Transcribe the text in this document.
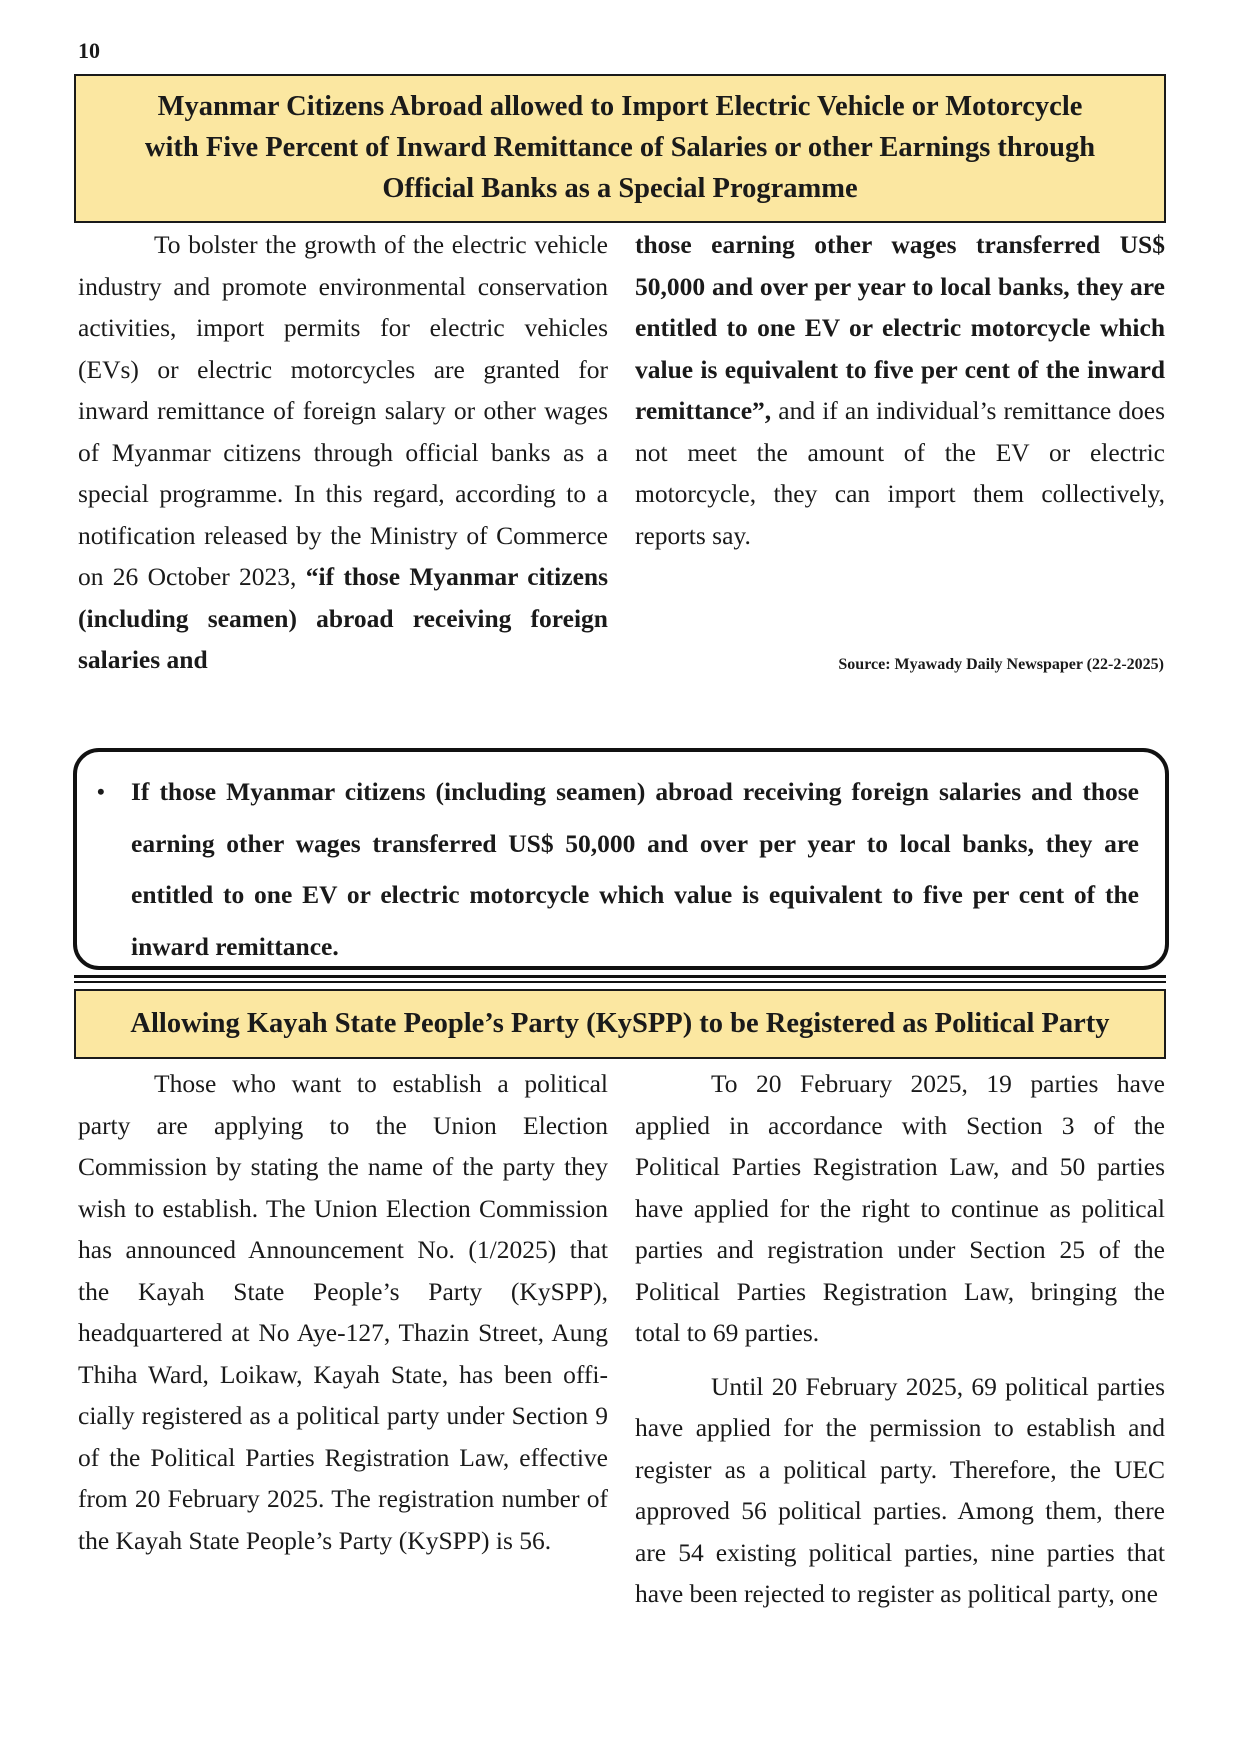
10
Myanmar Citizens Abroad allowed to Import Electric Vehicle or Motorcycle
with Five Percent of Inward Remittance of Salaries or other Earnings through
Official Banks as a Special Programme

To bolster the growth of the electric vehicle industry and promote environmental conservation activities, import permits for electric vehicles (EVs) or electric motorcycles are granted for inward remittance of foreign salary or other wages of Myanmar citizens through official banks as a special programme. In this regard, according to a notification released by the Ministry of Commerce on 26 October 2023, “if those Myanmar citizens (including seamen) abroad receiving foreign salaries and

those earning other wages transferred US$ 50,000 and over per year to local banks, they are entitled to one EV or electric motorcycle which value is equivalent to five per cent of the inward remittance”, and if an individual’s remittance does not meet the amount of the EV or electric motorcycle, they can import them collectively, reports say.

Source: Myawady Daily Newspaper (22-2-2025)
• If those Myanmar citizens (including seamen) abroad receiving foreign salaries and those earning other wages transferred US$ 50,000 and over per year to local banks, they are entitled to one EV or electric motorcycle which value is equivalent to five per cent of the inward remittance.
Allowing Kayah State People’s Party (KySPP) to be Registered as Political Party

Those who want to establish a political party are applying to the Union Election Commission by stating the name of the party they wish to establish. The Union Election Commission has announced Announcement No. (1/2025) that the Kayah State People’s Party (KySPP), headquartered at No Aye-127, Thazin Street, Aung Thiha Ward, Loikaw, Kayah State, has been officially registered as a political party under Section 9 of the Political Parties Registration Law, effective from 20 February 2025. The registration number of the Kayah State People’s Party (KySPP) is 56.

To 20 February 2025, 19 parties have applied in accordance with Section 3 of the Political Parties Registration Law, and 50 parties have applied for the right to continue as political parties and registration under Section 25 of the Political Parties Registration Law, bringing the total to 69 parties.

Until 20 February 2025, 69 political parties have applied for the permission to establish and register as a political party. Therefore, the UEC approved 56 political parties. Among them, there are 54 existing political parties, nine parties that have been rejected to register as political party, one
